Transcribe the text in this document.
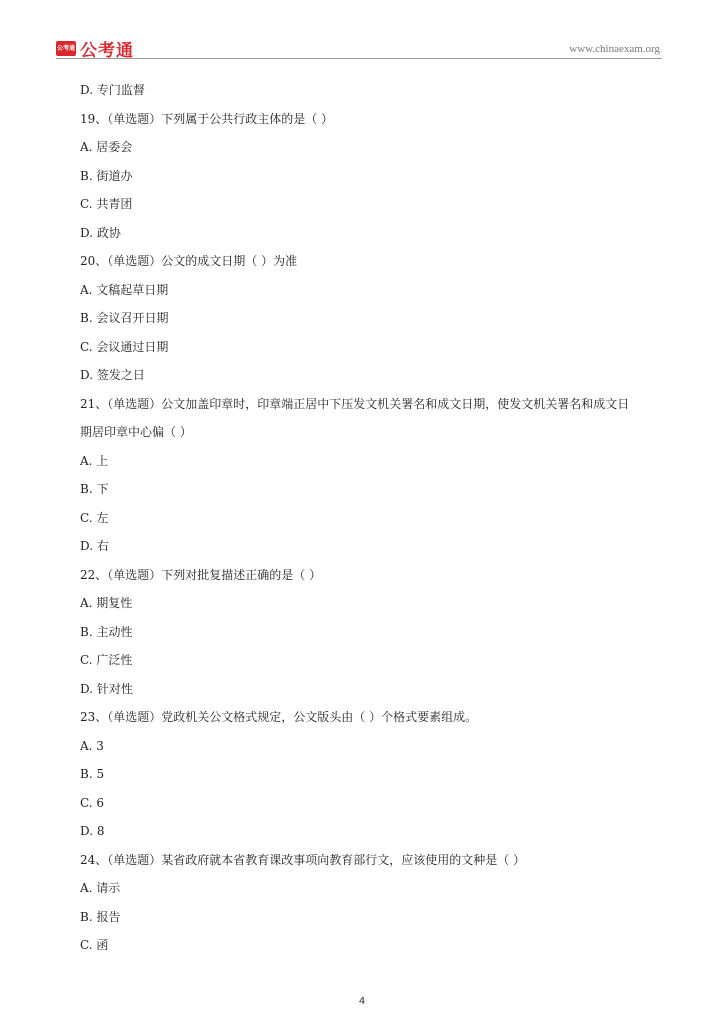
公考通 公考通	www.chinaexam.org
D. 专门监督
19、（单选题）下列属于公共行政主体的是（ ）
A. 居委会
B. 街道办
C. 共青团
D. 政协
20、（单选题）公文的成文日期（ ）为准
A. 文稿起草日期
B. 会议召开日期
C. 会议通过日期
D. 签发之日
21、（单选题）公文加盖印章时，印章端正居中下压发文机关署名和成文日期，使发文机关署名和成文日
期居印章中心偏（ ）
A. 上
B. 下
C. 左
D. 右
22、（单选题）下列对批复描述正确的是（ ）
A. 期复性
B. 主动性
C. 广泛性
D. 针对性
23、（单选题）党政机关公文格式规定，公文版头由（ ）个格式要素组成。
A. 3
B. 5
C. 6
D. 8
24、（单选题）某省政府就本省教育课改事项向教育部行文，应该使用的文种是（ ）
A. 请示
B. 报告
C. 函
4
